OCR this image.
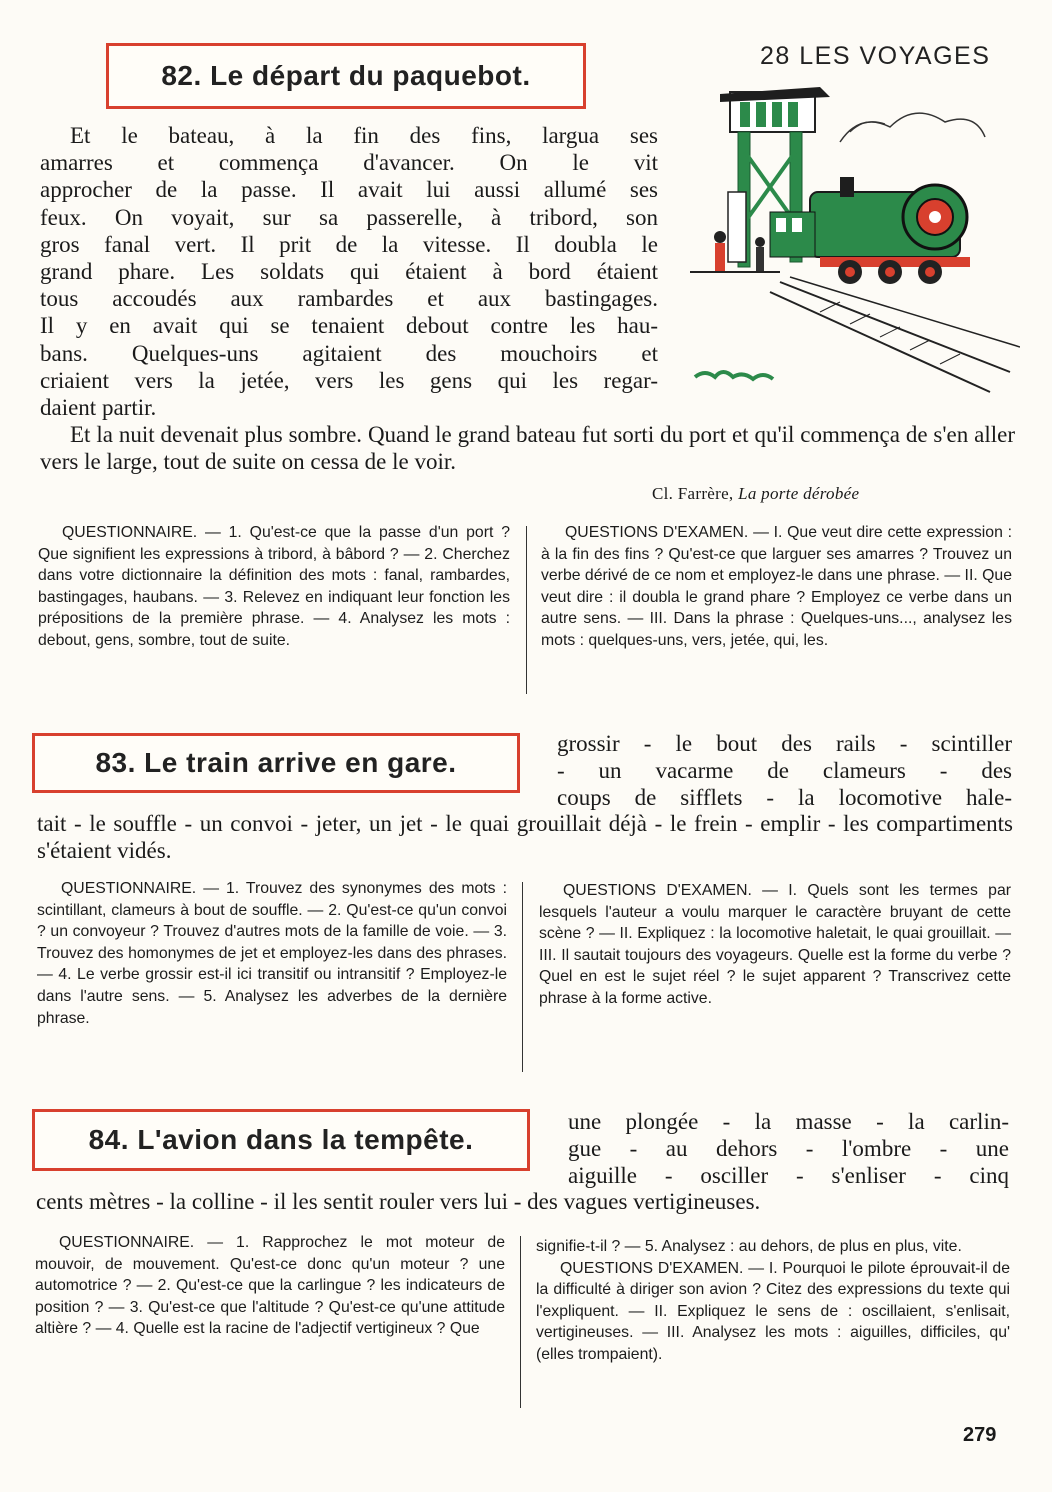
28 LES VOYAGES
82. Le départ du paquebot.
Et le bateau, à la fin des fins, largua ses
amarres et commença d'avancer. On le vit
approcher de la passe. Il avait lui aussi allumé ses
feux. On voyait, sur sa passerelle, à tribord, son
gros fanal vert. Il prit de la vitesse. Il doubla le
grand phare. Les soldats qui étaient à bord étaient
tous accoudés aux rambardes et aux bastingages.
Il y en avait qui se tenaient debout contre les hau-
bans. Quelques-uns agitaient des mouchoirs et
criaient vers la jetée, vers les gens qui les regar-
daient partir.

Et la nuit devenait plus sombre. Quand le grand bateau fut sorti du port et qu'il commença de s'en aller vers le large, tout de suite on cessa de le voir.

Cl. Farrère, La porte dérobée

QUESTIONNAIRE. — 1. Qu'est-ce que la passe d'un port ? Que signifient les expressions à tribord, à bâbord ? — 2. Cherchez dans votre dictionnaire la définition des mots : fanal, rambardes, bastingages, haubans. — 3. Relevez en indiquant leur fonction les prépositions de la première phrase. — 4. Analysez les mots : debout, gens, sombre, tout de suite.

QUESTIONS D'EXAMEN. — I. Que veut dire cette expression : à la fin des fins ? Qu'est-ce que larguer ses amarres ? Trouvez un verbe dérivé de ce nom et employez-le dans une phrase. — II. Que veut dire : il doubla le grand phare ? Employez ce verbe dans un autre sens. — III. Dans la phrase : Quelques-uns..., analysez les mots : quelques-uns, vers, jetée, qui, les.

83. Le train arrive en gare.
grossir - le bout des rails - scintiller
- un vacarme de clameurs - des
coups de sifflets - la locomotive hale-

tait - le souffle - un convoi - jeter, un jet - le quai grouillait déjà - le frein - emplir - les compartiments s'étaient vidés.

QUESTIONNAIRE. — 1. Trouvez des synonymes des mots : scintillant, clameurs à bout de souffle. — 2. Qu'est-ce qu'un convoi ? un convoyeur ? Trouvez d'autres mots de la famille de voie. — 3. Trouvez des homonymes de jet et employez-les dans des phrases. — 4. Le verbe grossir est-il ici transitif ou intransitif ? Employez-le dans l'autre sens. — 5. Analysez les adverbes de la dernière phrase.

QUESTIONS D'EXAMEN. — I. Quels sont les termes par lesquels l'auteur a voulu marquer le caractère bruyant de cette scène ? — II. Expliquez : la locomotive haletait, le quai grouillait. — III. Il sautait toujours des voyageurs. Quelle est la forme du verbe ? Quel en est le sujet réel ? le sujet apparent ? Transcrivez cette phrase à la forme active.

84. L'avion dans la tempête.
une plongée - la masse - la carlin-
gue - au dehors - l'ombre - une
aiguille - osciller - s'enliser - cinq

cents mètres - la colline - il les sentit rouler vers lui - des vagues vertigineuses.

QUESTIONNAIRE. — 1. Rapprochez le mot moteur de mouvoir, de mouvement. Qu'est-ce donc qu'un moteur ? une automotrice ? — 2. Qu'est-ce que la carlingue ? les indicateurs de position ? — 3. Qu'est-ce que l'altitude ? Qu'est-ce qu'une attitude altière ? — 4. Quelle est la racine de l'adjectif vertigineux ? Que

signifie-t-il ? — 5. Analysez : au dehors, de plus en plus, vite.

QUESTIONS D'EXAMEN. — I. Pourquoi le pilote éprouvait-il de la difficulté à diriger son avion ? Citez des expressions du texte qui l'expliquent. — II. Expliquez le sens de : oscillaient, s'enlisait, vertigineuses. — III. Analysez les mots : aiguilles, difficiles, qu' (elles trompaient).

279
